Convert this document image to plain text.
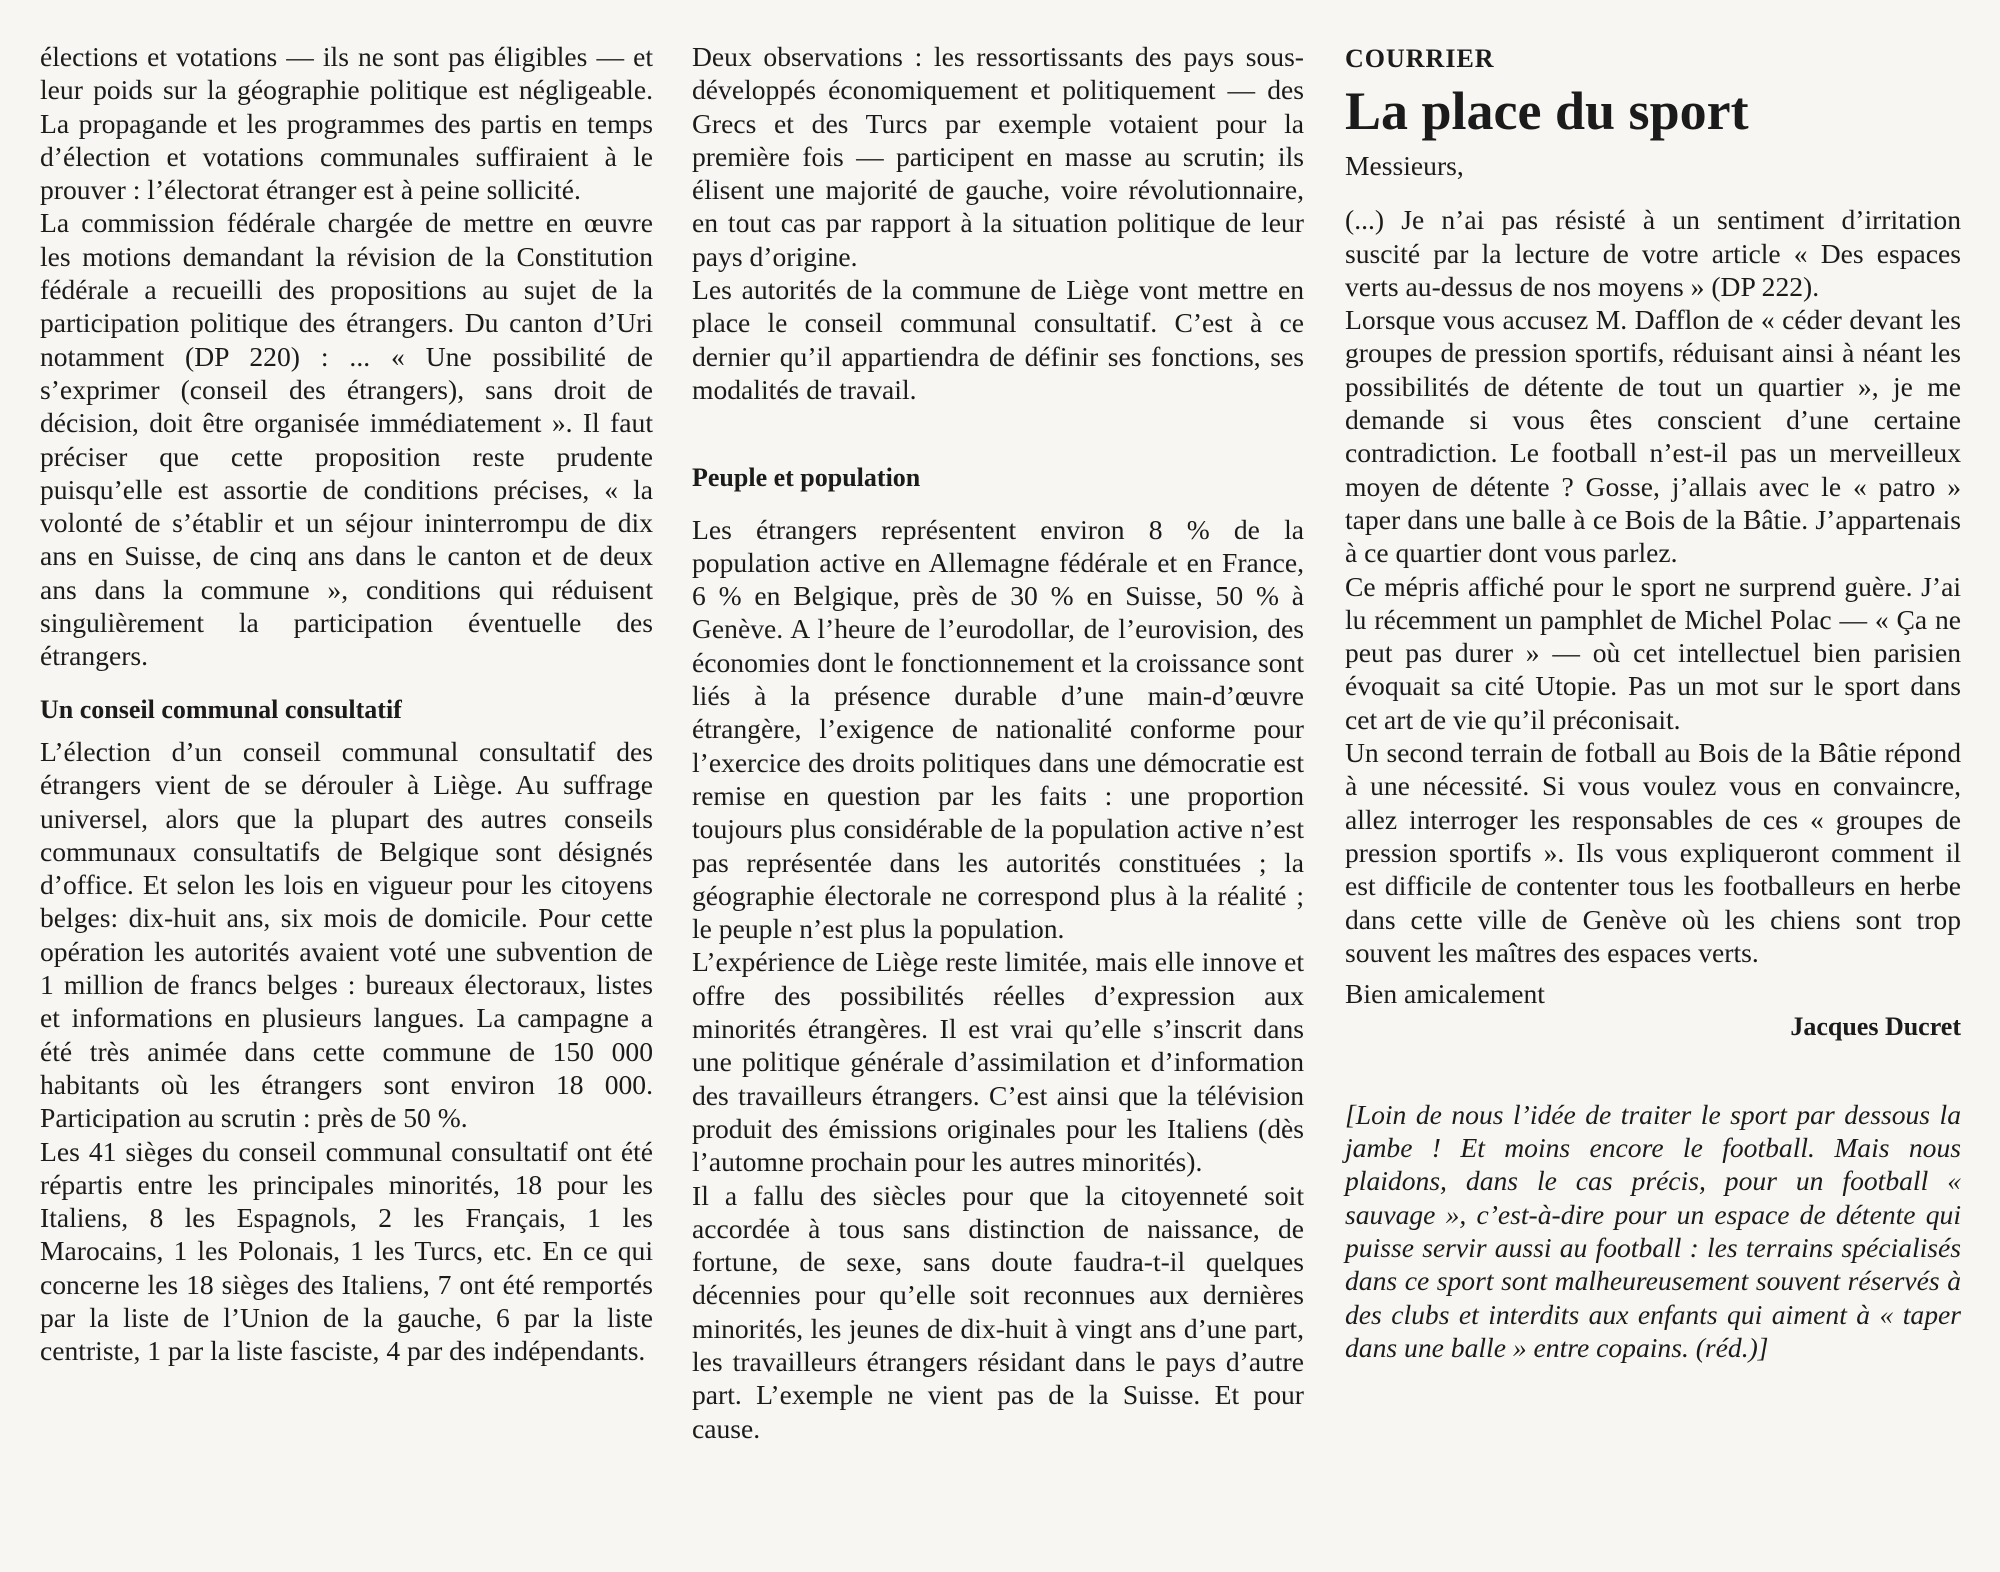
élections et votations — ils ne sont pas éligibles — et leur poids sur la géographie politique est négligeable. La propagande et les programmes des partis en temps d’élection et votations communales suffiraient à le prouver : l’électorat étranger est à peine sollicité.

La commission fédérale chargée de mettre en œuvre les motions demandant la révision de la Constitution fédérale a recueilli des propositions au sujet de la participation politique des étrangers. Du canton d’Uri notamment (DP 220) : ... « Une possibilité de s’exprimer (conseil des étrangers), sans droit de décision, doit être organisée immédiatement ». Il faut préciser que cette proposition reste prudente puisqu’elle est assortie de conditions précises, « la volonté de s’établir et un séjour ininterrompu de dix ans en Suisse, de cinq ans dans le canton et de deux ans dans la commune », conditions qui réduisent singulièrement la participation éventuelle des étrangers.

Un conseil communal consultatif

L’élection d’un conseil communal consultatif des étrangers vient de se dérouler à Liège. Au suffrage universel, alors que la plupart des autres conseils communaux consultatifs de Belgique sont désignés d’office. Et selon les lois en vigueur pour les citoyens belges: dix-huit ans, six mois de domicile. Pour cette opération les autorités avaient voté une subvention de 1 million de francs belges : bureaux électoraux, listes et informations en plusieurs langues. La campagne a été très animée dans cette commune de 150 000 habitants où les étrangers sont environ 18 000. Participation au scrutin : près de 50 %.

Les 41 sièges du conseil communal consultatif ont été répartis entre les principales minorités, 18 pour les Italiens, 8 les Espagnols, 2 les Français, 1 les Marocains, 1 les Polonais, 1 les Turcs, etc. En ce qui concerne les 18 sièges des Italiens, 7 ont été remportés par la liste de l’Union de la gauche, 6 par la liste centriste, 1 par la liste fasciste, 4 par des indépendants.

Deux observations : les ressortissants des pays sous-développés économiquement et politiquement — des Grecs et des Turcs par exemple votaient pour la première fois — participent en masse au scrutin; ils élisent une majorité de gauche, voire révolutionnaire, en tout cas par rapport à la situation politique de leur pays d’origine.

Les autorités de la commune de Liège vont mettre en place le conseil communal consultatif. C’est à ce dernier qu’il appartiendra de définir ses fonctions, ses modalités de travail.

Peuple et population

Les étrangers représentent environ 8 % de la population active en Allemagne fédérale et en France, 6 % en Belgique, près de 30 % en Suisse, 50 % à Genève. A l’heure de l’eurodollar, de l’eurovision, des économies dont le fonctionnement et la croissance sont liés à la présence durable d’une main-d’œuvre étrangère, l’exigence de nationalité conforme pour l’exercice des droits politiques dans une démocratie est remise en question par les faits : une proportion toujours plus considérable de la population active n’est pas représentée dans les autorités constituées ; la géographie électorale ne correspond plus à la réalité ; le peuple n’est plus la population.

L’expérience de Liège reste limitée, mais elle innove et offre des possibilités réelles d’expression aux minorités étrangères. Il est vrai qu’elle s’inscrit dans une politique générale d’assimilation et d’information des travailleurs étrangers. C’est ainsi que la télévision produit des émissions originales pour les Italiens (dès l’automne prochain pour les autres minorités).

Il a fallu des siècles pour que la citoyenneté soit accordée à tous sans distinction de naissance, de fortune, de sexe, sans doute faudra-t-il quelques décennies pour qu’elle soit reconnues aux dernières minorités, les jeunes de dix-huit à vingt ans d’une part, les travailleurs étrangers résidant dans le pays d’autre part. L’exemple ne vient pas de la Suisse. Et pour cause.

COURRIER
La place du sport

Messieurs,

(...) Je n’ai pas résisté à un sentiment d’irritation suscité par la lecture de votre article « Des espaces verts au-dessus de nos moyens » (DP 222).

Lorsque vous accusez M. Dafflon de « céder devant les groupes de pression sportifs, réduisant ainsi à néant les possibilités de détente de tout un quartier », je me demande si vous êtes conscient d’une certaine contradiction. Le football n’est-il pas un merveilleux moyen de détente ? Gosse, j’allais avec le « patro » taper dans une balle à ce Bois de la Bâtie. J’appartenais à ce quartier dont vous parlez.

Ce mépris affiché pour le sport ne surprend guère. J’ai lu récemment un pamphlet de Michel Polac — « Ça ne peut pas durer » — où cet intellectuel bien parisien évoquait sa cité Utopie. Pas un mot sur le sport dans cet art de vie qu’il préconisait.

Un second terrain de fotball au Bois de la Bâtie répond à une nécessité. Si vous voulez vous en convaincre, allez interroger les responsables de ces « groupes de pression sportifs ». Ils vous expliqueront comment il est difficile de contenter tous les footballeurs en herbe dans cette ville de Genève où les chiens sont trop souvent les maîtres des espaces verts.

Bien amicalement

Jacques Ducret

[Loin de nous l’idée de traiter le sport par dessous la jambe ! Et moins encore le football. Mais nous plaidons, dans le cas précis, pour un football « sauvage », c’est-à-dire pour un espace de détente qui puisse servir aussi au football : les terrains spécialisés dans ce sport sont malheureusement souvent réservés à des clubs et interdits aux enfants qui aiment à « taper dans une balle » entre copains. (réd.)]
